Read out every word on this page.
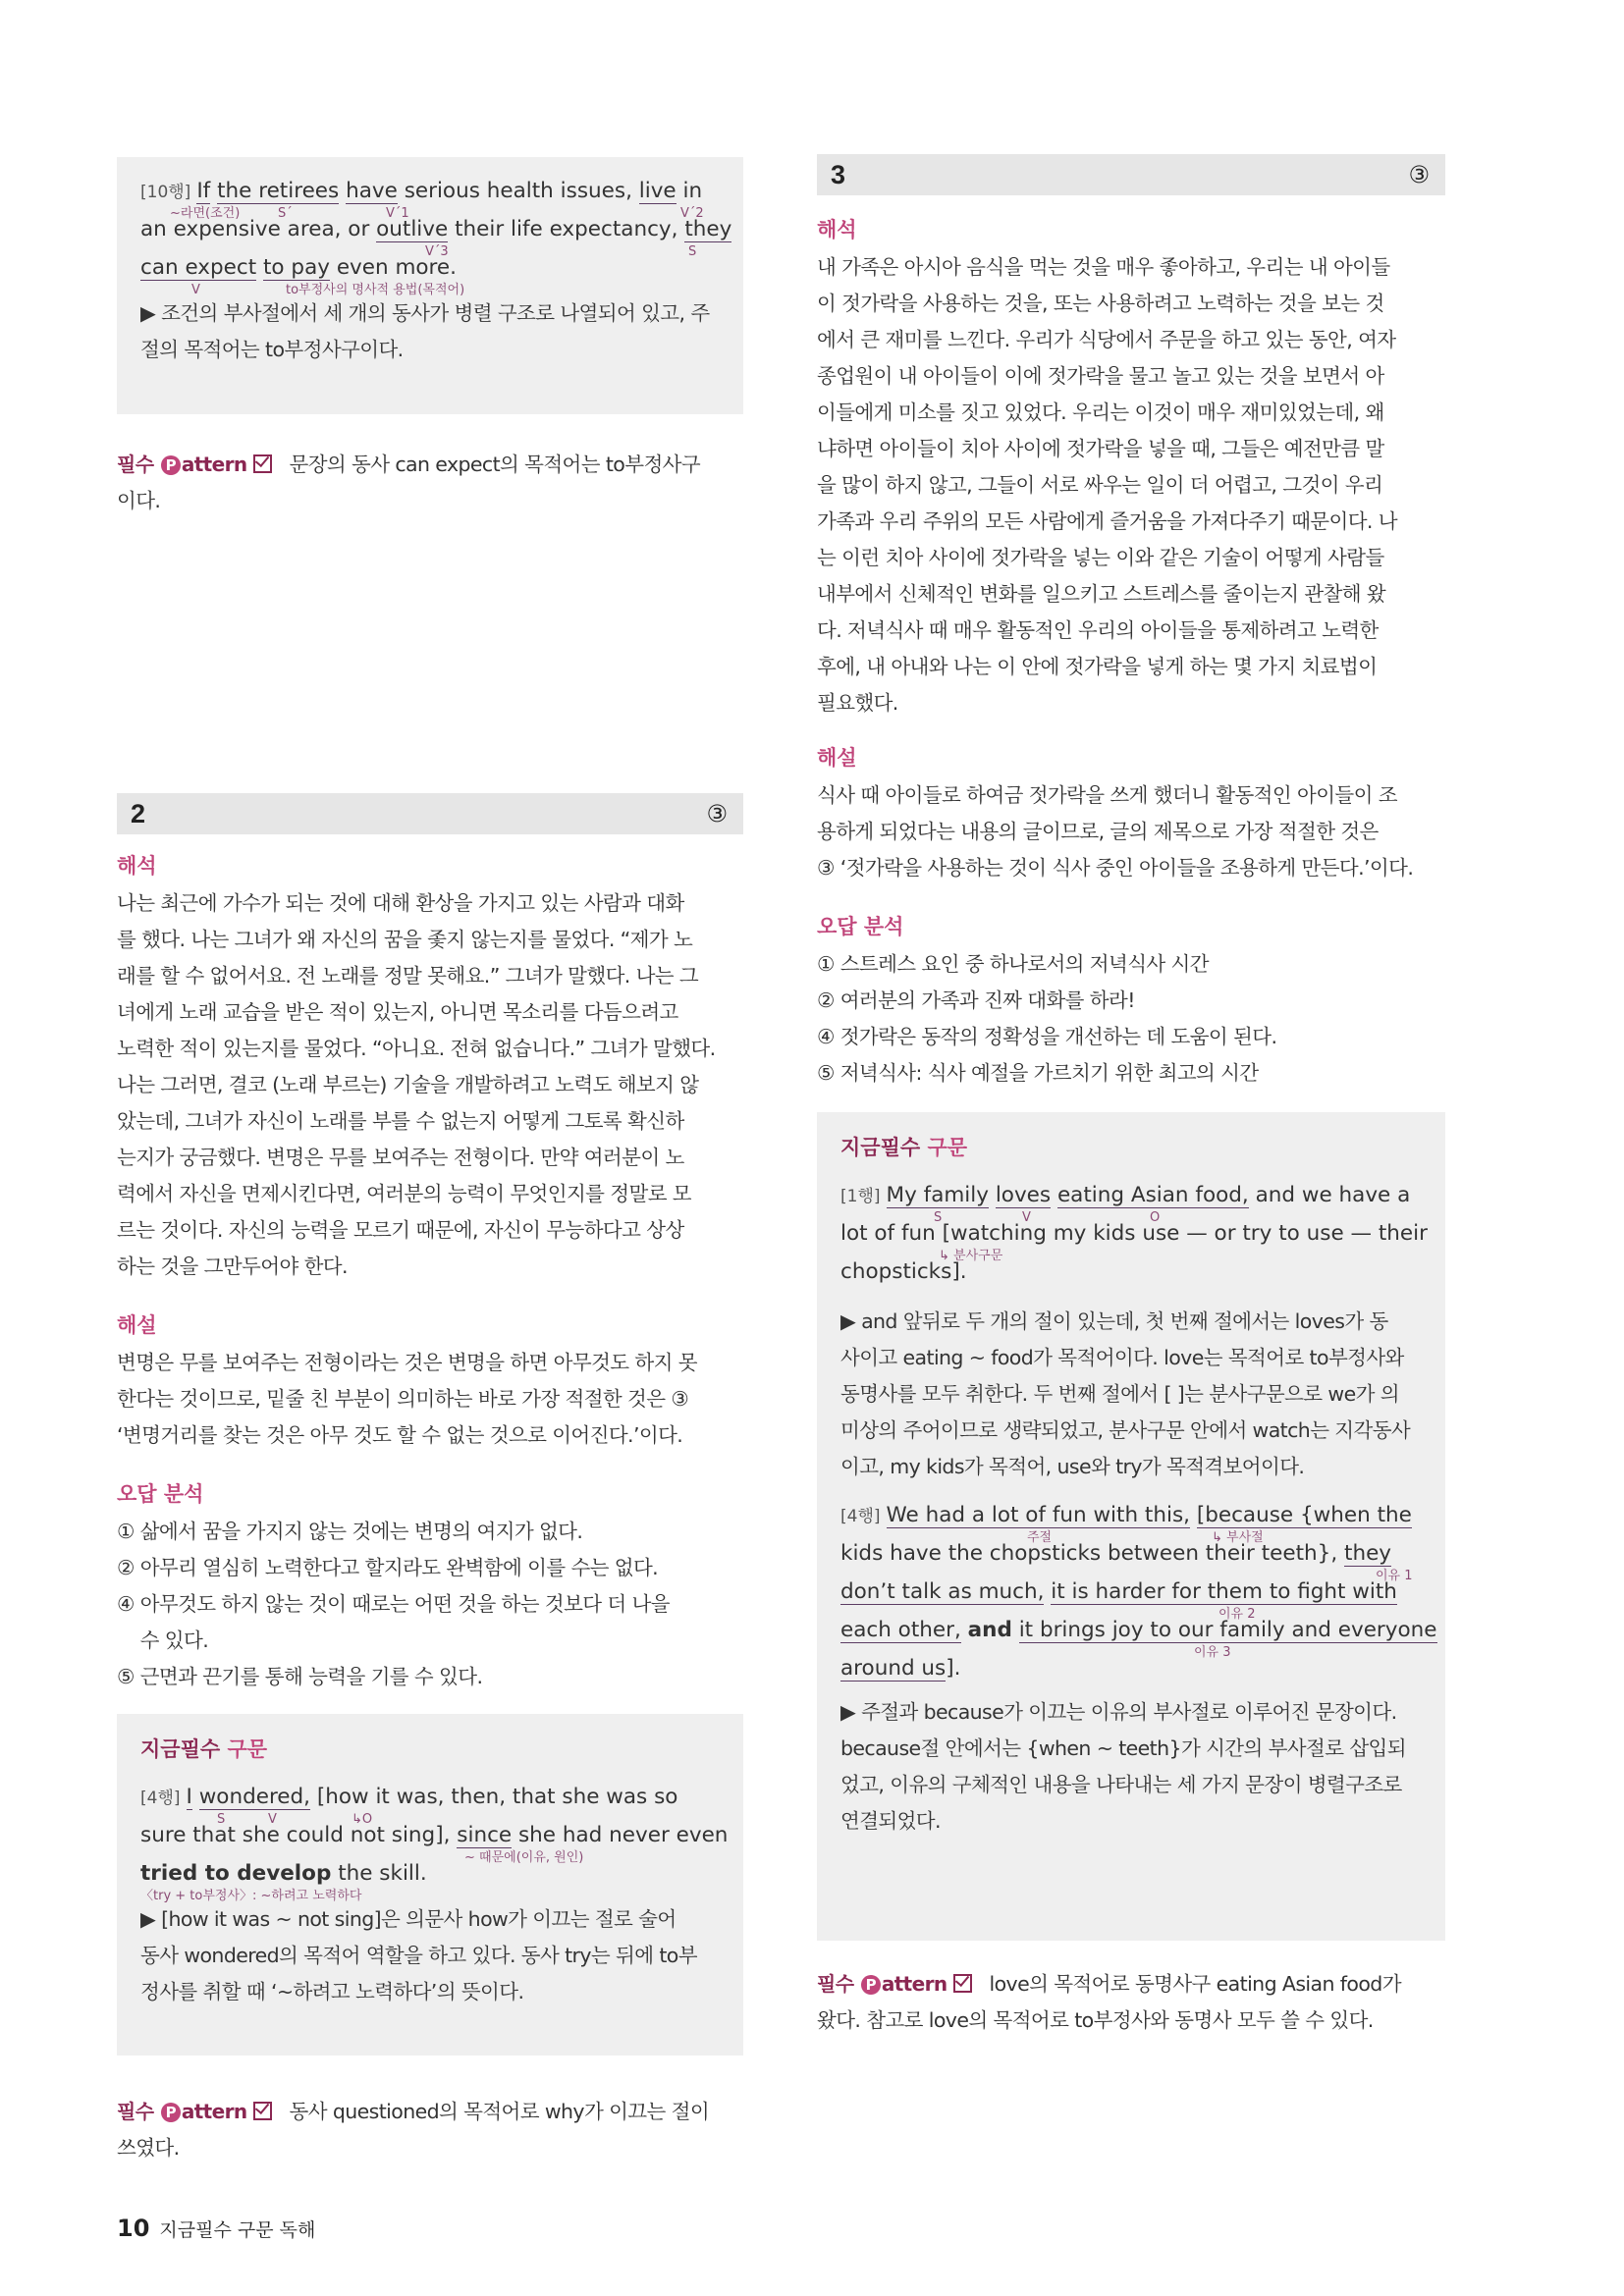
[10행] If the retirees have serious health issues, live in
~라면(조건)	S´	V´1	V´2
an expensive area, or outlive their life expectancy, they
V´3	S
can expect to pay even more.
V	to부정사의 명사적 용법(목적어)
▶ 조건의 부사절에서 세 개의 동사가 병렬 구조로 나열되어 있고, 주
절의 목적어는 to부정사구이다.
필수 P attern 문장의 동사 can expect의 목적어는 to부정사구
이다.
2	③
해석
나는 최근에 가수가 되는 것에 대해 환상을 가지고 있는 사람과 대화
를 했다. 나는 그녀가 왜 자신의 꿈을 좇지 않는지를 물었다. “제가 노
래를 할 수 없어서요. 전 노래를 정말 못해요.” 그녀가 말했다. 나는 그
녀에게 노래 교습을 받은 적이 있는지, 아니면 목소리를 다듬으려고
노력한 적이 있는지를 물었다. “아니요. 전혀 없습니다.” 그녀가 말했다.
나는 그러면, 결코 (노래 부르는) 기술을 개발하려고 노력도 해보지 않
았는데, 그녀가 자신이 노래를 부를 수 없는지 어떻게 그토록 확신하
는지가 궁금했다. 변명은 무를 보여주는 전형이다. 만약 여러분이 노
력에서 자신을 면제시킨다면, 여러분의 능력이 무엇인지를 정말로 모
르는 것이다. 자신의 능력을 모르기 때문에, 자신이 무능하다고 상상
하는 것을 그만두어야 한다.
해설
변명은 무를 보여주는 전형이라는 것은 변명을 하면 아무것도 하지 못
한다는 것이므로, 밑줄 친 부분이 의미하는 바로 가장 적절한 것은 ③
‘변명거리를 찾는 것은 아무 것도 할 수 없는 것으로 이어진다.’이다.
오답 분석
① 삶에서 꿈을 가지지 않는 것에는 변명의 여지가 없다.
② 아무리 열심히 노력한다고 할지라도 완벽함에 이를 수는 없다.
④ 아무것도 하지 않는 것이 때로는 어떤 것을 하는 것보다 더 나을
수 있다.
⑤ 근면과 끈기를 통해 능력을 기를 수 있다.
지금필수 구문
[4행] I wondered, [how it was, then, that she was so
S	V	↳O
sure that she could not sing], since she had never even
~ 때문에(이유, 원인)
tried to develop the skill.
〈try + to부정사〉: ~하려고 노력하다
▶ [how it was ~ not sing]은 의문사 how가 이끄는 절로 술어
동사 wondered의 목적어 역할을 하고 있다. 동사 try는 뒤에 to부
정사를 취할 때 ‘~하려고 노력하다’의 뜻이다.
필수 P attern 동사 questioned의 목적어로 why가 이끄는 절이
쓰였다.
3	③
해석
내 가족은 아시아 음식을 먹는 것을 매우 좋아하고, 우리는 내 아이들
이 젓가락을 사용하는 것을, 또는 사용하려고 노력하는 것을 보는 것
에서 큰 재미를 느낀다. 우리가 식당에서 주문을 하고 있는 동안, 여자
종업원이 내 아이들이 이에 젓가락을 물고 놀고 있는 것을 보면서 아
이들에게 미소를 짓고 있었다. 우리는 이것이 매우 재미있었는데, 왜
냐하면 아이들이 치아 사이에 젓가락을 넣을 때, 그들은 예전만큼 말
을 많이 하지 않고, 그들이 서로 싸우는 일이 더 어렵고, 그것이 우리
가족과 우리 주위의 모든 사람에게 즐거움을 가져다주기 때문이다. 나
는 이런 치아 사이에 젓가락을 넣는 이와 같은 기술이 어떻게 사람들
내부에서 신체적인 변화를 일으키고 스트레스를 줄이는지 관찰해 왔
다. 저녁식사 때 매우 활동적인 우리의 아이들을 통제하려고 노력한
후에, 내 아내와 나는 이 안에 젓가락을 넣게 하는 몇 가지 치료법이
필요했다.
해설
식사 때 아이들로 하여금 젓가락을 쓰게 했더니 활동적인 아이들이 조
용하게 되었다는 내용의 글이므로, 글의 제목으로 가장 적절한 것은
③ ‘젓가락을 사용하는 것이 식사 중인 아이들을 조용하게 만든다.’이다.
오답 분석
① 스트레스 요인 중 하나로서의 저녁식사 시간
② 여러분의 가족과 진짜 대화를 하라!
④ 젓가락은 동작의 정확성을 개선하는 데 도움이 된다.
⑤ 저녁식사: 식사 예절을 가르치기 위한 최고의 시간
지금필수 구문
[1행] My family loves eating Asian food, and we have a
S	V	O
lot of fun [watching my kids use — or try to use — their
↳ 분사구문
chopsticks].
▶ and 앞뒤로 두 개의 절이 있는데, 첫 번째 절에서는 loves가 동
사이고 eating ~ food가 목적어이다. love는 목적어로 to부정사와
동명사를 모두 취한다. 두 번째 절에서 [ ]는 분사구문으로 we가 의
미상의 주어이므로 생략되었고, 분사구문 안에서 watch는 지각동사
이고, my kids가 목적어, use와 try가 목적격보어이다.
[4행] We had a lot of fun with this, [because {when the
주절	↳ 부사절
kids have the chopsticks between their teeth}, they
이유 1
don’t talk as much, it is harder for them to fight with
이유 2
each other, and it brings joy to our family and everyone
이유 3
around us].
▶ 주절과 because가 이끄는 이유의 부사절로 이루어진 문장이다.
because절 안에서는 {when ~ teeth}가 시간의 부사절로 삽입되
었고, 이유의 구체적인 내용을 나타내는 세 가지 문장이 병렬구조로
연결되었다.
필수 P attern love의 목적어로 동명사구 eating Asian food가
왔다. 참고로 love의 목적어로 to부정사와 동명사 모두 쓸 수 있다.
10 지금필수 구문 독해
